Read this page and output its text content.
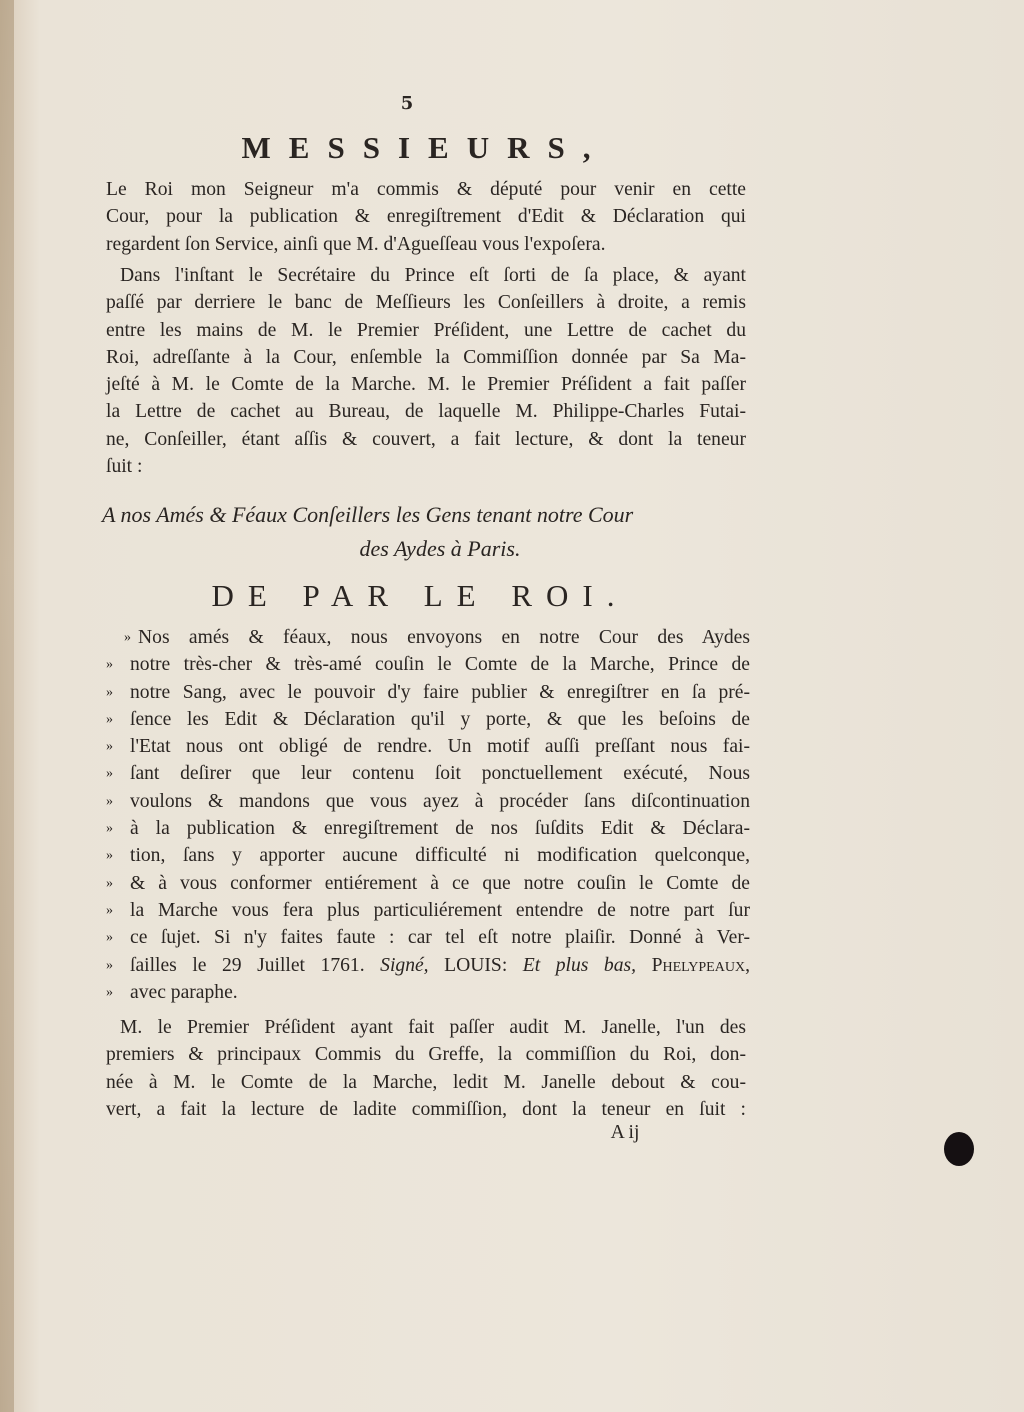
5
MESSIEURS,
Le Roi mon Seigneur m'a commis & député pour venir en cette
Cour, pour la publication & enregiſtrement d'Edit & Déclaration qui
regardent ſon Service, ainſi que M. d'Agueſſeau vous l'expoſera.
Dans l'inſtant le Secrétaire du Prince eſt ſorti de ſa place, & ayant
paſſé par derriere le banc de Meſſieurs les Conſeillers à droite, a remis
entre les mains de M. le Premier Préſident, une Lettre de cachet du
Roi, adreſſante à la Cour, enſemble la Commiſſion donnée par Sa Ma-
jeſté à M. le Comte de la Marche. M. le Premier Préſident a fait paſſer
la Lettre de cachet au Bureau, de laquelle M. Philippe-Charles Futai-
ne, Conſeiller, étant aſſis & couvert, a fait lecture, & dont la teneur
ſuit :
A nos Amés & Féaux Conſeillers les Gens tenant notre Cour
des Aydes à Paris.
DE PAR LE ROI.
» Nos amés & féaux, nous envoyons en notre Cour des Aydes
» notre très-cher & très-amé couſin le Comte de la Marche, Prince de
» notre Sang, avec le pouvoir d'y faire publier & enregiſtrer en ſa pré-
» ſence les Edit & Déclaration qu'il y porte, & que les beſoins de
» l'Etat nous ont obligé de rendre. Un motif auſſi preſſant nous fai-
» ſant deſirer que leur contenu ſoit ponctuellement exécuté, Nous
» voulons & mandons que vous ayez à procéder ſans diſcontinuation
» à la publication & enregiſtrement de nos ſuſdits Edit & Déclara-
» tion, ſans y apporter aucune difficulté ni modification quelconque,
» & à vous conformer entiérement à ce que notre couſin le Comte de
» la Marche vous fera plus particuliérement entendre de notre part ſur
» ce ſujet. Si n'y faites faute : car tel eſt notre plaiſir. Donné à Ver-
» ſailles le 29 Juillet 1761. Signé, LOUIS: Et plus bas, Phelypeaux,
» avec paraphe.
M. le Premier Préſident ayant fait paſſer audit M. Janelle, l'un des
premiers & principaux Commis du Greffe, la commiſſion du Roi, don-
née à M. le Comte de la Marche, ledit M. Janelle debout & cou-
vert, a fait la lecture de ladite commiſſion, dont la teneur en ſuit :
A ij
